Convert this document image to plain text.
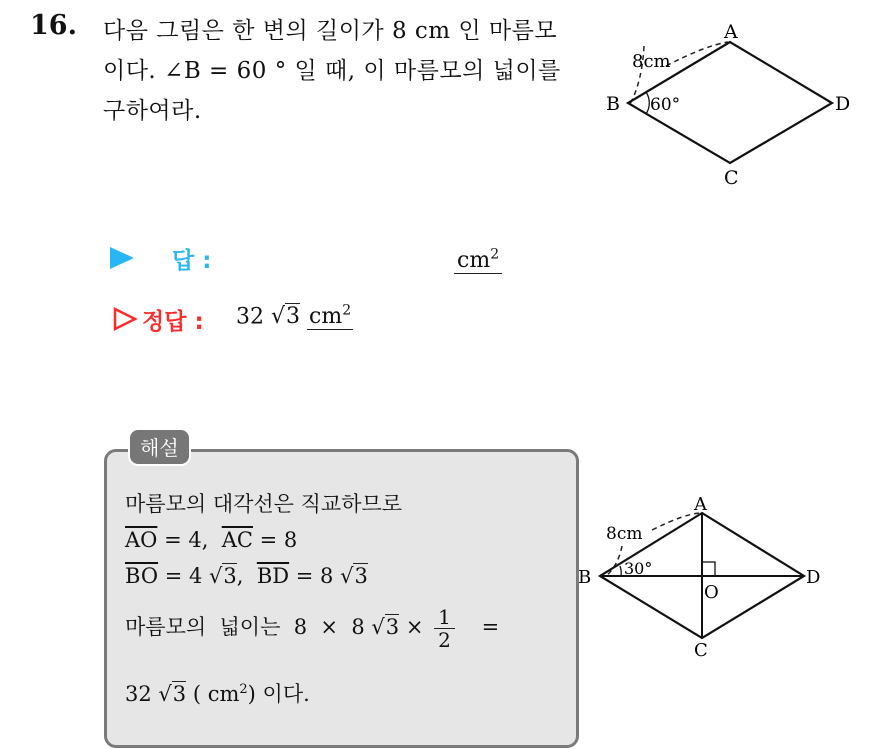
16. 다음 그림은 한 변의 길이가 8 cm 인 마름모
이다. ∠B = 60 ° 일 때, 이 마름모의 넓이를
구하여라.
A
B
C
D
8cm
60°
답 :	$cm^2$
정답 : 32 √3 $cm^2$
해설
마름모의 대각선은 직교하므로
$\overline{AO} = 4$,  $\overline{AC} = 8$
$\overline{BO} = 4$ √3,  $\overline{BD} = 8$ √3
마름모의  넓이는  8  ×  8 $√3 \times \frac{1}{2}$ =
32 √3 ( $cm^2$) 이다.
A
B
C
D
O
8cm
30°
